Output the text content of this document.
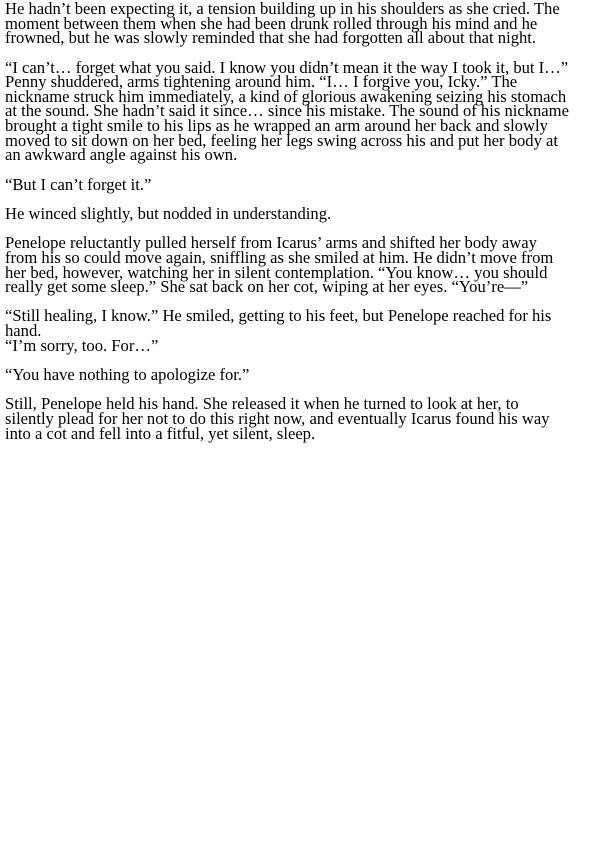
He hadn’t been expecting it, a tension building up in his shoulders as she cried. The
moment between them when she had been drunk rolled through his mind and he
frowned, but he was slowly reminded that she had forgotten all about that night.

“I can’t… forget what you said. I know you didn’t mean it the way I took it, but I…”
Penny shuddered, arms tightening around him. “I… I forgive you, Icky.” The
nickname struck him immediately, a kind of glorious awakening seizing his stomach
at the sound. She hadn’t said it since… since his mistake. The sound of his nickname
brought a tight smile to his lips as he wrapped an arm around her back and slowly
moved to sit down on her bed, feeling her legs swing across his and put her body at
an awkward angle against his own.

“But I can’t forget it.”

He winced slightly, but nodded in understanding.

Penelope reluctantly pulled herself from Icarus’ arms and shifted her body away
from his so could move again, sniffling as she smiled at him. He didn’t move from
her bed, however, watching her in silent contemplation. “You know… you should
really get some sleep.” She sat back on her cot, wiping at her eyes. “You’re—”

“Still healing, I know.” He smiled, getting to his feet, but Penelope reached for his
hand.

“I’m sorry, too. For…”

“You have nothing to apologize for.”

Still, Penelope held his hand. She released it when he turned to look at her, to
silently plead for her not to do this right now, and eventually Icarus found his way
into a cot and fell into a fitful, yet silent, sleep.
